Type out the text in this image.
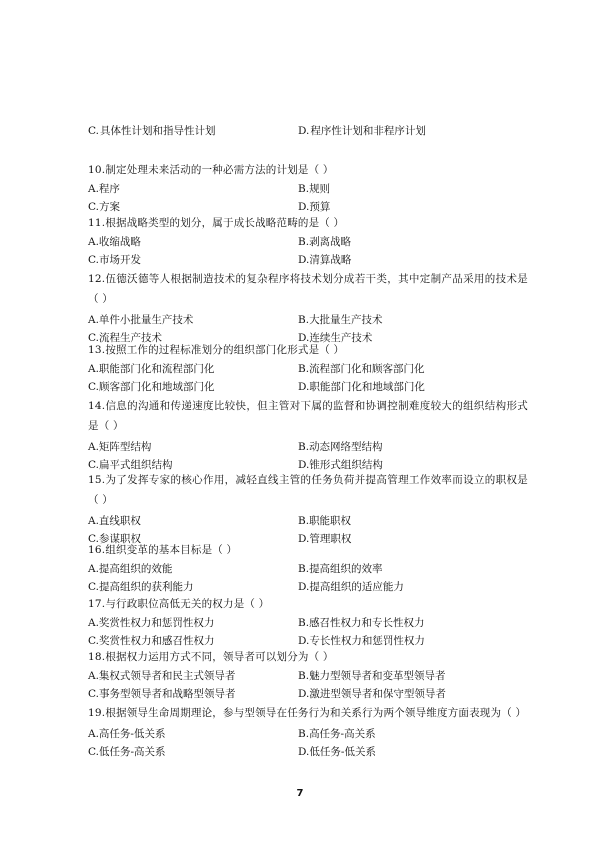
C.具体性计划和指导性计划	D.程序性计划和非程序计划

10.制定处理未来活动的一种必需方法的计划是（ ）

A.程序	B.规则
C.方案	D.预算

11.根据战略类型的划分，属于成长战略范畴的是（ ）

A.收缩战略	B.剥离战略
C.市场开发	D.清算战略

12.伍德沃德等人根据制造技术的复杂程序将技术划分成若干类，其中定制产品采用的技术是（ ）

A.单件小批量生产技术	B.大批量生产技术
C.流程生产技术	D.连续生产技术

13.按照工作的过程标准划分的组织部门化形式是（ ）

A.职能部门化和流程部门化	B.流程部门化和顾客部门化
C.顾客部门化和地域部门化	D.职能部门化和地域部门化

14.信息的沟通和传递速度比较快，但主管对下属的监督和协调控制难度较大的组织结构形式是（ ）

A.矩阵型结构	B.动态网络型结构
C.扁平式组织结构	D.锥形式组织结构

15.为了发挥专家的核心作用，减轻直线主管的任务负荷并提高管理工作效率而设立的职权是（ ）

A.直线职权	B.职能职权
C.参谋职权	D.管理职权

16.组织变革的基本目标是（ ）

A.提高组织的效能	B.提高组织的效率
C.提高组织的获利能力	D.提高组织的适应能力

17.与行政职位高低无关的权力是（ ）

A.奖赏性权力和惩罚性权力	B.感召性权力和专长性权力
C.奖赏性权力和感召性权力	D.专长性权力和惩罚性权力

18.根据权力运用方式不同，领导者可以划分为（ ）

A.集权式领导者和民主式领导者	B.魅力型领导者和变革型领导者
C.事务型领导者和战略型领导者	D.激进型领导者和保守型领导者

19.根据领导生命周期理论，参与型领导在任务行为和关系行为两个领导维度方面表现为（ ）

A.高任务-低关系	B.高任务-高关系
C.低任务-高关系	D.低任务-低关系
7
